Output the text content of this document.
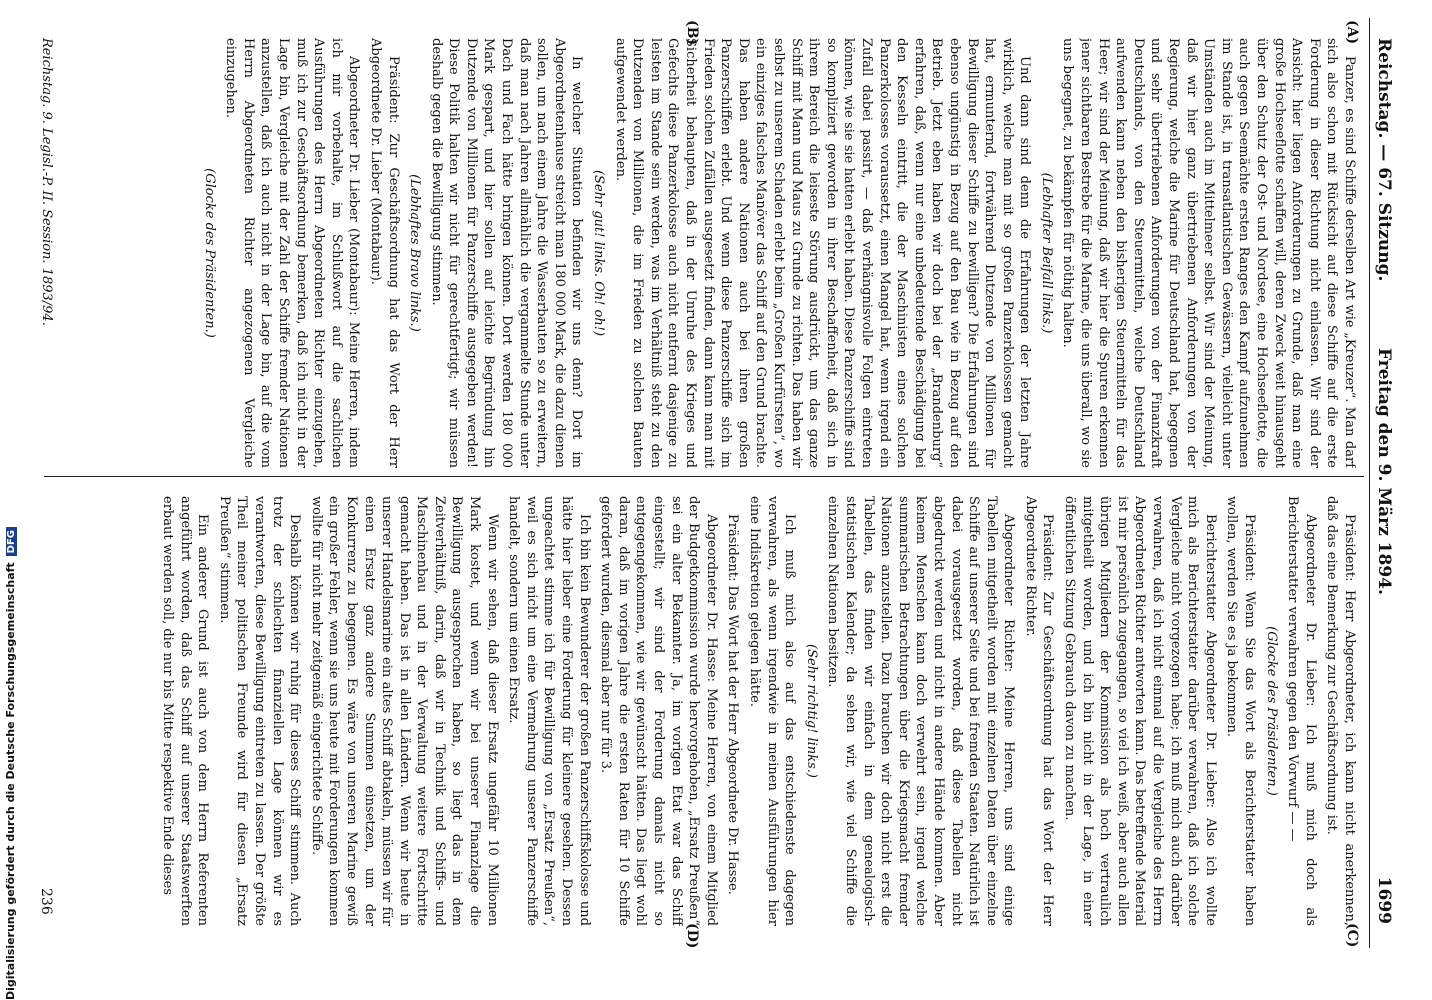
Reichstag. — 67. Sitzung.
Freitag den 9. März 1894.
1699
(A)
(B)
(C)
(D)

Panzer, es sind Schiffe derselben Art wie „Kreuzer“. Man darf sich also schon mit Rücksicht auf diese Schiffe auf die erste Forderung in dieser Richtung nicht einlassen. Wir sind der Ansicht: hier liegen Anforderungen zu Grunde, daß man eine große Hochseeflotte schaffen will, deren Zweck weit hinausgeht über den Schutz der Ost- und Nordsee, eine Hochseeflotte, die auch gegen Seemächte ersten Ranges den Kampf aufzunehmen im Stande ist, in transatlantischen Gewässern, vielleicht unter Umständen auch im Mittelmeer selbst. Wir sind der Meinung, daß wir hier ganz übertriebenen Anforderungen von der Regierung, welche die Marine für Deutschland hat, begegnen und sehr übertriebenen Anforderungen von der Finanzkraft Deutschlands, von den Steuermitteln, welche Deutschland aufwenden kann neben den bisherigen Steuermitteln für das Heer; wir sind der Meinung, daß wir hier die Spuren erkennen jener sichtbaren Bestrebe für die Marine, die uns überall, wo sie uns begegnet, zu bekämpfen für nöthig halten.

(Lebhafter Beifall links.)

Und dann sind denn die Erfahrungen der letzten Jahre wirklich, welche man mit so großen Panzerkolossen gemacht hat, ermunternd, fortwährend Dutzende von Millionen für Bewilligung dieser Schiffe zu bewilligen? Die Erfahrungen sind ebenso ungünstig in Bezug auf den Bau wie in Bezug auf den Betrieb. Jetzt eben haben wir doch bei der „Brandenburg“ erfahren, daß, wenn nur eine unbedeutende Beschädigung bei den Kesseln eintritt, die der Maschinisten eines solchen Panzerkolosses voraussetzt, einen Mangel hat, wenn irgend ein Zufall dabei passirt, — daß verhängnisvolle Folgen eintreten können, wie sie sie hatten erlebt haben. Diese Panzerschiffe sind so kompliziert geworden in ihrer Beschaffenheit, daß sich in ihrem Bereich die leiseste Störung ausdrückt, um das ganze Schiff mit Mann und Maus zu Grunde zu richten. Das haben wir selbst zu unserem Schaden erlebt beim „Großen Kurfürsten“, wo ein einziges falsches Manöver das Schiff auf den Grund brachte. Das haben andere Nationen auch bei ihren großen Panzerschiffen erlebt. Und wenn diese Panzerschiffe sich im Frieden solchen Zufällen ausgesetzt finden, dann kann man mit Sicherheit behaupten, daß in der Unruhe des Krieges und Gefechts diese Panzerkolosse auch nicht entfernt dasjenige zu leisten im Stande sein werden, was im Verhältniß steht zu den Dutzenden von Millionen, die im Frieden zu solchen Bauten aufgewendet werden.

(Sehr gut! links. Oh! oh!)

In welcher Situation befinden wir uns denn? Dort im Abgeordnetenhause streicht man 180 000 Mark, die dazu dienen sollen, um nach einem Jahre die Wasserbauten so zu erweitern, daß man nach Jahren allmählich die vergammelte Stunde unter Dach und Fach hätte bringen können. Dort werden 180 000 Mark gespart, und hier sollen auf leichte Begründung hin Dutzende von Millionen für Panzerschiffe ausgegeben werden! Diese Politik halten wir nicht für gerechtfertigt; wir müssen deshalb gegen die Bewilligung stimmen.

(Lebhaftes Bravo links.)

Präsident: Zur Geschäftsordnung hat das Wort der Herr Abgeordnete Dr. Lieber (Montabaur).

Abgeordneter Dr. Lieber (Montabaur): Meine Herren, indem ich mir vorbehalte, im Schlußwort auf die sachlichen Ausführungen des Herrn Abgeordneten Richter einzugehen, muß ich zur Geschäftsordnung bemerken, daß ich nicht in der Lage bin, Vergleiche mit der Zahl der Schiffe fremder Nationen anzustellen, daß ich auch nicht in der Lage bin, auf die vom Herrn Abgeordneten Richter angezogenen Vergleiche einzugehen.

(Glocke des Präsidenten.)

Präsident: Herr Abgeordneter, ich kann nicht anerkennen, daß das eine Bemerkung zur Geschäftsordnung ist.

Abgeordneter Dr. Lieber: Ich muß mich doch als Berichterstatter verwahren gegen den Vorwurf — —

(Glocke des Präsidenten.)

Präsident: Wenn Sie das Wort als Berichterstatter haben wollen, werden Sie es ja bekommen.

Berichterstatter Abgeordneter Dr. Lieber: Also ich wollte mich als Berichterstatter darüber verwahren, daß ich solche Vergleiche nicht vorgezogen habe; ich muß mich auch darüber verwahren, daß ich nicht einmal auf die Vergleiche des Herrn Abgeordneten Richter antworten kann. Das betreffende Material ist mir persönlich zugegangen, so viel ich weiß, aber auch allen übrigen Mitgliedern der Kommission als hoch vertraulich mitgetheilt worden, und ich bin nicht in der Lage, in einer öffentlichen Sitzung Gebrauch davon zu machen.

Präsident: Zur Geschäftsordnung hat das Wort der Herr Abgeordnete Richter.

Abgeordneter Richter: Meine Herren, uns sind einige Tabellen mitgetheilt worden mit einzelnen Daten über einzelne Schiffe auf unserer Seite und bei fremden Staaten. Natürlich ist dabei vorausgesetzt worden, daß diese Tabellen nicht abgedruckt werden und nicht in andere Hände kommen. Aber keinem Menschen kann doch verwehrt sein, irgend welche summarischen Betrachtungen über die Kriegsmacht fremder Nationen anzustellen. Dazu brauchen wir doch nicht erst die Tabellen, das finden wir einfach in dem genealogisch-statistischen Kalender; da sehen wir, wie viel Schiffe die einzelnen Nationen besitzen.

(Sehr richtig! links.)

Ich muß mich also auf das entschiedenste dagegen verwahren, als wenn irgendwie in meinen Ausführungen hier eine Indiskretion gelegen hätte.

Präsident: Das Wort hat der Herr Abgeordnete Dr. Hasse.

Abgeordneter Dr. Hasse: Meine Herren, von einem Mitglied der Budgetkommission wurde hervorgehoben, „Ersatz Preußen“ sei ein alter Bekannter. Ja, im vorigen Etat war das Schiff eingestellt; wir sind der Forderung damals nicht so entgegengekommen, wie wir gewünscht hätten. Das liegt wohl daran, daß im vorigen Jahre die ersten Raten für 10 Schiffe gefordert wurden, diesmal aber nur für 3.

Ich bin kein Bewunderer der großen Panzerschiffskolosse und hätte hier lieber eine Forderung für kleinere gesehen. Dessen ungeachtet stimme ich für Bewilligung von „Ersatz Preußen“, weil es sich nicht um eine Vermehrung unserer Panzerschiffe handelt, sondern um einen Ersatz.

Wenn wir sehen, daß dieser Ersatz ungefähr 10 Millionen Mark kostet, und wenn wir bei unserer Finanzlage die Bewilligung ausgesprochen haben, so liegt das in dem Zeitverhältniß, darin, daß wir in Technik und Schiffs- und Maschinenbau und in der Verwaltung weitere Fortschritte gemacht haben. Das ist in allen Ländern. Wenn wir heute in unserer Handelsmarine ein altes Schiff abtakeln, müssen wir für einen Ersatz ganz andere Summen einsetzen, um der Konkurrenz zu begegnen. Es wäre von unseren Marine gewiß ein großer Fehler, wenn sie uns heute mit Forderungen kommen wollte für nicht mehr zeitgemäß eingerichtete Schiffe.

Deshalb können wir ruhig für dieses Schiff stimmen. Auch trotz der schlechten finanziellen Lage können wir es verantworten, diese Bewilligung eintreten zu lassen. Der größte Theil meiner politischen Freunde wird für diesen „Ersatz Preußen“ stimmen.

Ein anderer Grund ist auch von dem Herrn Referenten angeführt worden, daß das Schiff auf unserer Staatswerften erbaut werden soll, die nur bis Mitte respektive Ende dieses

Reichstag. 9. Legisl.-P. II. Session. 1893/94.
236
Digitalisierung gefördert durch die Deutsche ForschungsgemeinschaftDFG
